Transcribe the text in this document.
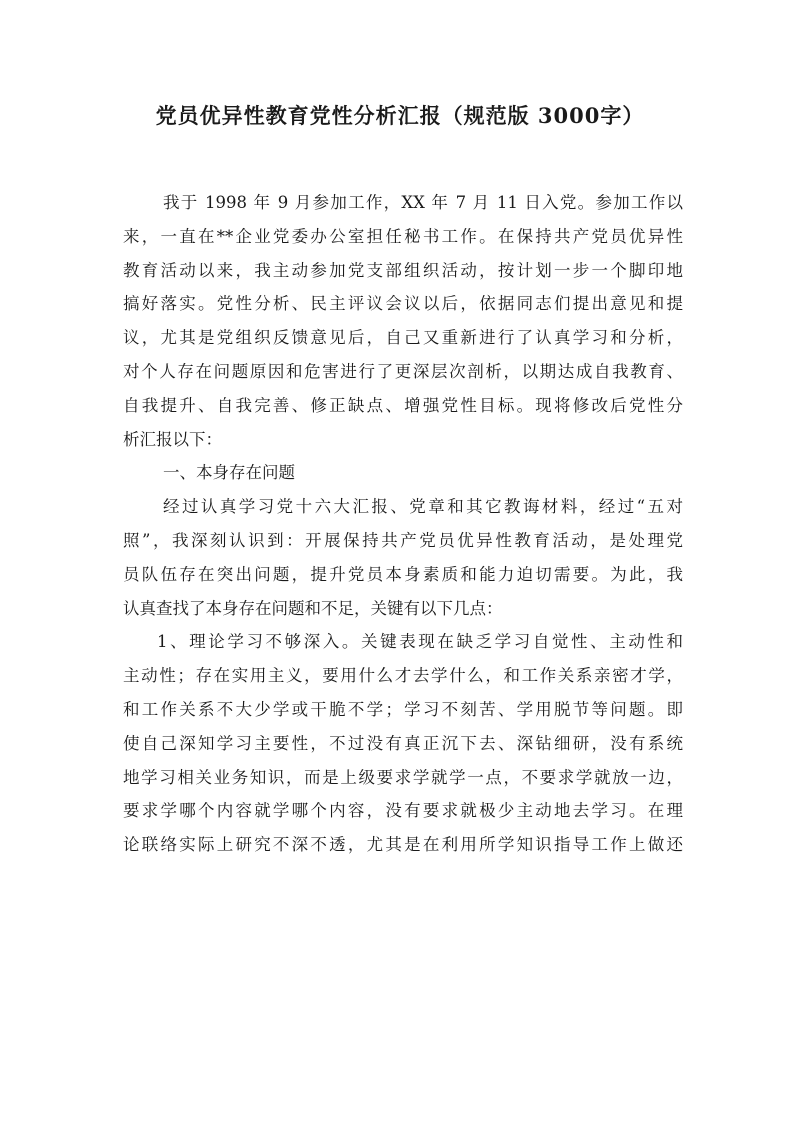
党员优异性教育党性分析汇报（规范版 3000字）
我于 1998 年 9 月参加工作，XX 年 7 月 11 日入党。参加工作以
来，一直在**企业党委办公室担任秘书工作。在保持共产党员优异性
教育活动以来，我主动参加党支部组织活动，按计划一步一个脚印地
搞好落实。党性分析、民主评议会议以后，依据同志们提出意见和提
议，尤其是党组织反馈意见后，自己又重新进行了认真学习和分析，
对个人存在问题原因和危害进行了更深层次剖析，以期达成自我教育、
自我提升、自我完善、修正缺点、增强党性目标。现将修改后党性分
析汇报以下：
一、本身存在问题
经过认真学习党十六大汇报、党章和其它教诲材料，经过“五对
照”，我深刻认识到：开展保持共产党员优异性教育活动，是处理党
员队伍存在突出问题，提升党员本身素质和能力迫切需要。为此，我
认真查找了本身存在问题和不足，关键有以下几点：
1、理论学习不够深入。关键表现在缺乏学习自觉性、主动性和
主动性；存在实用主义，要用什么才去学什么，和工作关系亲密才学，
和工作关系不大少学或干脆不学；学习不刻苦、学用脱节等问题。即
使自己深知学习主要性，不过没有真正沉下去、深钻细研，没有系统
地学习相关业务知识，而是上级要求学就学一点，不要求学就放一边，
要求学哪个内容就学哪个内容，没有要求就极少主动地去学习。在理
论联络实际上研究不深不透，尤其是在利用所学知识指导工作上做还
